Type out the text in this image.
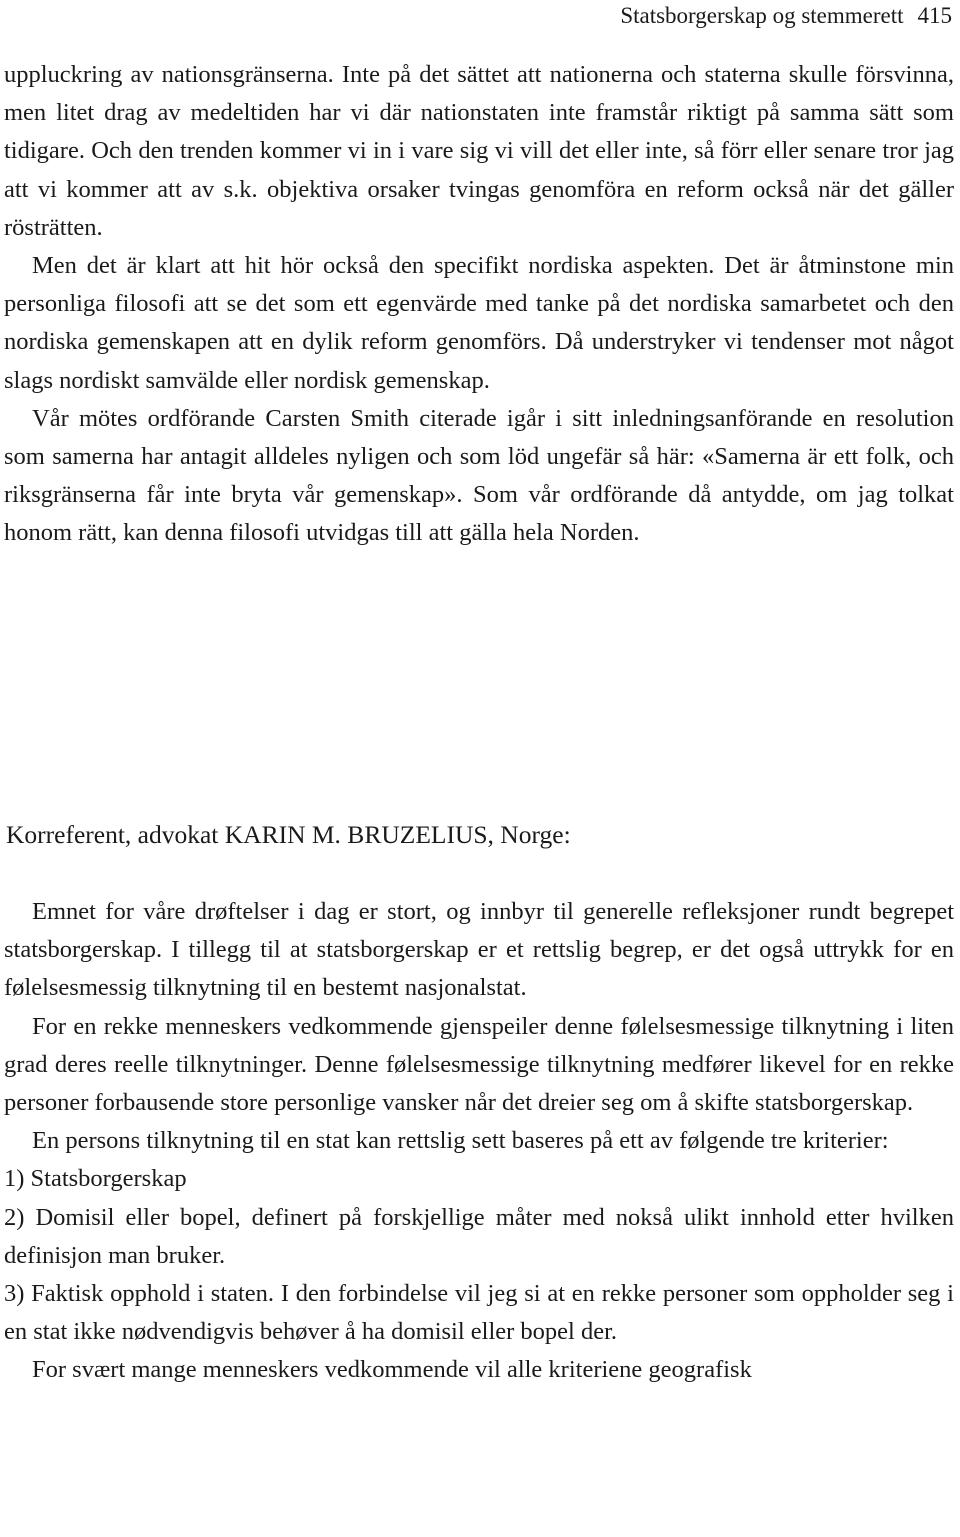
Statsborgerskap og stemmerett 415

uppluckring av nationsgränserna. Inte på det sättet att nationerna och staterna skulle försvinna, men litet drag av medeltiden har vi där nationstaten inte framstår riktigt på samma sätt som tidigare. Och den trenden kommer vi in i vare sig vi vill det eller inte, så förr eller senare tror jag att vi kommer att av s.k. objektiva orsaker tvingas genomföra en reform också när det gäller rösträtten.

Men det är klart att hit hör också den specifikt nordiska aspekten. Det är åtminstone min personliga filosofi att se det som ett egenvärde med tanke på det nordiska samarbetet och den nordiska gemenskapen att en dylik reform genomförs. Då understryker vi tendenser mot något slags nordiskt samvälde eller nordisk gemenskap.

Vår mötes ordförande Carsten Smith citerade igår i sitt inledningsanförande en resolution som samerna har antagit alldeles nyligen och som löd ungefär så här: «Samerna är ett folk, och riksgränserna får inte bryta vår gemenskap». Som vår ordförande då antydde, om jag tolkat honom rätt, kan denna filosofi utvidgas till att gälla hela Norden.

Korreferent, advokat KARIN M. BRUZELIUS, Norge:

Emnet for våre drøftelser i dag er stort, og innbyr til generelle refleksjoner rundt begrepet statsborgerskap. I tillegg til at statsborgerskap er et rettslig begrep, er det også uttrykk for en følelsesmessig tilknytning til en bestemt nasjonalstat.

For en rekke menneskers vedkommende gjenspeiler denne følelsesmessige tilknytning i liten grad deres reelle tilknytninger. Denne følelsesmessige tilknytning medfører likevel for en rekke personer forbausende store personlige vansker når det dreier seg om å skifte statsborgerskap.

En persons tilknytning til en stat kan rettslig sett baseres på ett av følgende tre kriterier:

1) Statsborgerskap

2) Domisil eller bopel, definert på forskjellige måter med nokså ulikt innhold etter hvilken definisjon man bruker.

3) Faktisk opphold i staten. I den forbindelse vil jeg si at en rekke personer som oppholder seg i en stat ikke nødvendigvis behøver å ha domisil eller bopel der.

For svært mange menneskers vedkommende vil alle kriteriene geografisk
